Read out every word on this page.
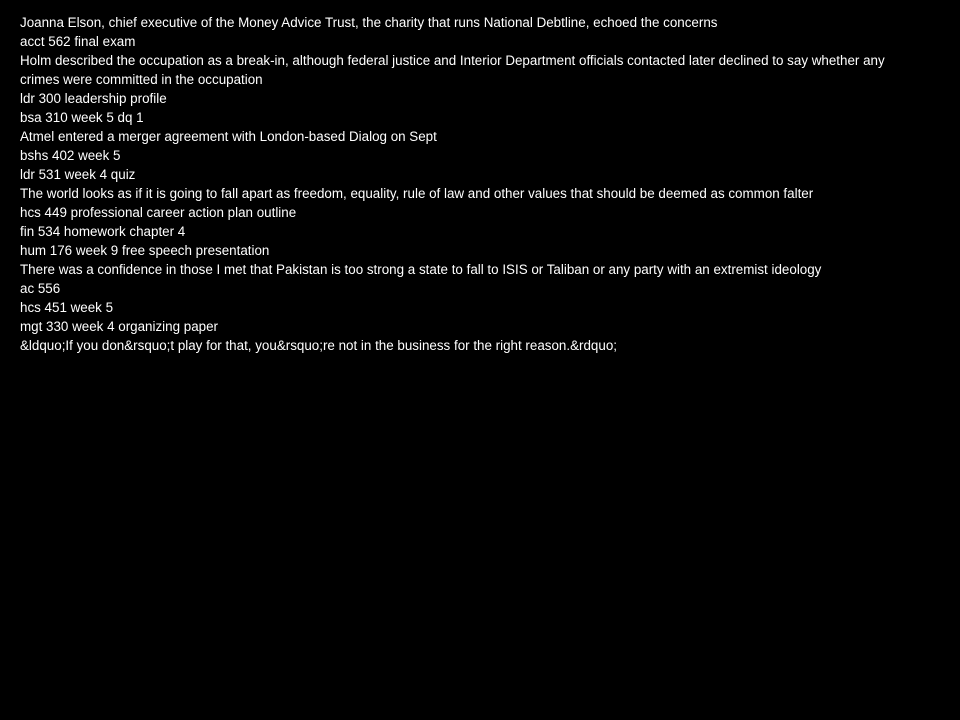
Joanna Elson, chief executive of the Money Advice Trust, the charity that runs National Debtline, echoed the concerns
acct 562 final exam
Holm described the occupation as a break-in, although federal justice and Interior Department officials contacted later declined to say whether any crimes were committed in the occupation
ldr 300 leadership profile
bsa 310 week 5 dq 1
Atmel entered a merger agreement with London-based Dialog on Sept
bshs 402 week 5
ldr 531 week 4 quiz
The world looks as if it is going to fall apart as freedom, equality, rule of law and other values that should be deemed as common falter
hcs 449 professional career action plan outline
fin 534 homework chapter 4
hum 176 week 9 free speech presentation
There was a confidence in those I met that Pakistan is too strong a state to fall to ISIS or Taliban or any party with an extremist ideology
ac 556
hcs 451 week 5
mgt 330 week 4 organizing paper
&ldquo;If you don&rsquo;t play for that, you&rsquo;re not in the business for the right reason.&rdquo;
